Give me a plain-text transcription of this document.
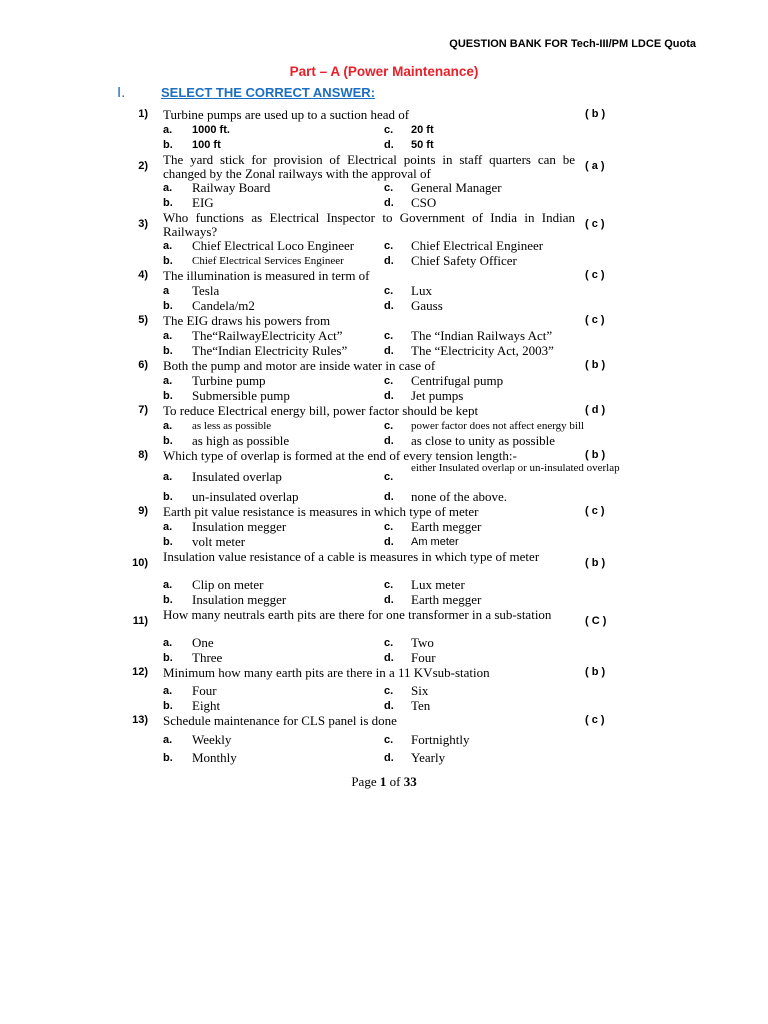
QUESTION BANK FOR Tech-III/PM LDCE Quota
Part – A (Power Maintenance)
I.	SELECT THE CORRECT ANSWER:
1) Turbine pumps are used up to a suction head of	( b )
a. 1000 ft.	c. 20 ft
b. 100 ft	d. 50 ft
2) The yard stick for provision of Electrical points in staff quarters can be changed by the Zonal railways with the approval of	( a )
a. Railway Board	c. General Manager
b. EIG	d. CSO
3) Who functions as Electrical Inspector to Government of India in Indian Railways?	( c )
a. Chief Electrical Loco Engineer	c. Chief Electrical Engineer
b. Chief Electrical Services Engineer	d. Chief Safety Officer
4) The illumination is measured in term of	( c )
a Tesla	c. Lux
b. Candela/m2	d. Gauss
5) The EIG draws his powers from	( c )
a. The“RailwayElectricity Act”	c. The “Indian Railways Act”
b. The“Indian Electricity Rules”	d. The “Electricity Act, 2003”
6) Both the pump and motor are inside water in case of	( b )
a. Turbine pump	c. Centrifugal pump
b. Submersible pump	d. Jet pumps
7) To reduce Electrical energy bill, power factor should be kept	( d )
a. as less as possible	c. power factor does not affect energy bill
b. as high as possible	d. as close to unity as possible
8) Which type of overlap is formed at the end of every tension length:-	( b )
a. Insulated overlap	c.
either Insulated overlap or un-insulated overlap
b. un-insulated overlap	d. none of the above.
9) Earth pit value resistance is measures in which type of meter	( c )
a. Insulation megger	c. Earth megger
b. volt meter	d. Am meter
10) Insulation value resistance of a cable is measures in which type of meter	( b )
a. Clip on meter	c. Lux meter
b. Insulation megger	d. Earth megger
11) How many neutrals earth pits are there for one transformer in a sub-station	( C )
a. One	c. Two
b. Three	d. Four
12) Minimum how many earth pits are there in a 11 KVsub-station	( b )
a. Four	c. Six
b. Eight	d. Ten
13) Schedule maintenance for CLS panel is done	( c )
a. Weekly	c. Fortnightly
b. Monthly	d. Yearly
Page 1 of 33
